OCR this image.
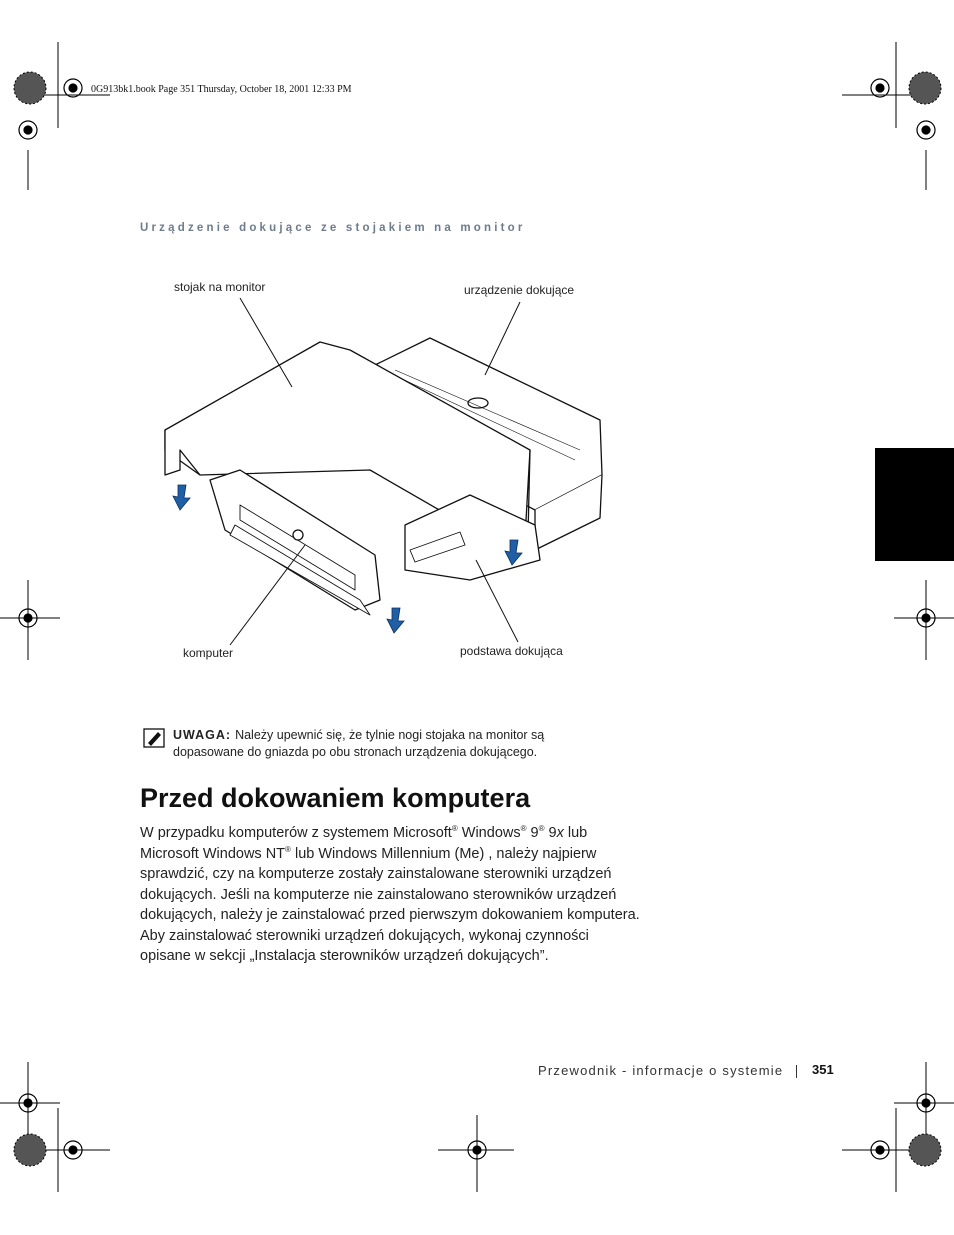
0G913bk1.book Page 351 Thursday, October 18, 2001 12:33 PM
Urządzenie dokujące ze stojakiem na monitor
stojak na monitor	urządzenie dokujące
komputer	podstawa dokująca
UWAGA: Należy upewnić się, że tylnie nogi stojaka na monitor są dopasowane do gniazda po obu stronach urządzenia dokującego.
Przed dokowaniem komputera
W przypadku komputerów z systemem Microsoft® Windows® 9® 9x lub Microsoft Windows NT® lub Windows Millennium (Me) , należy najpierw sprawdzić, czy na komputerze zostały zainstalowane sterowniki urządzeń dokujących. Jeśli na komputerze nie zainstalowano sterowników urządzeń dokujących, należy je zainstalować przed pierwszym dokowaniem komputera. Aby zainstalować sterowniki urządzeń dokujących, wykonaj czynności opisane w sekcji „Instalacja sterowników urządzeń dokujących”.
Przewodnik - informacje o systemie 351
